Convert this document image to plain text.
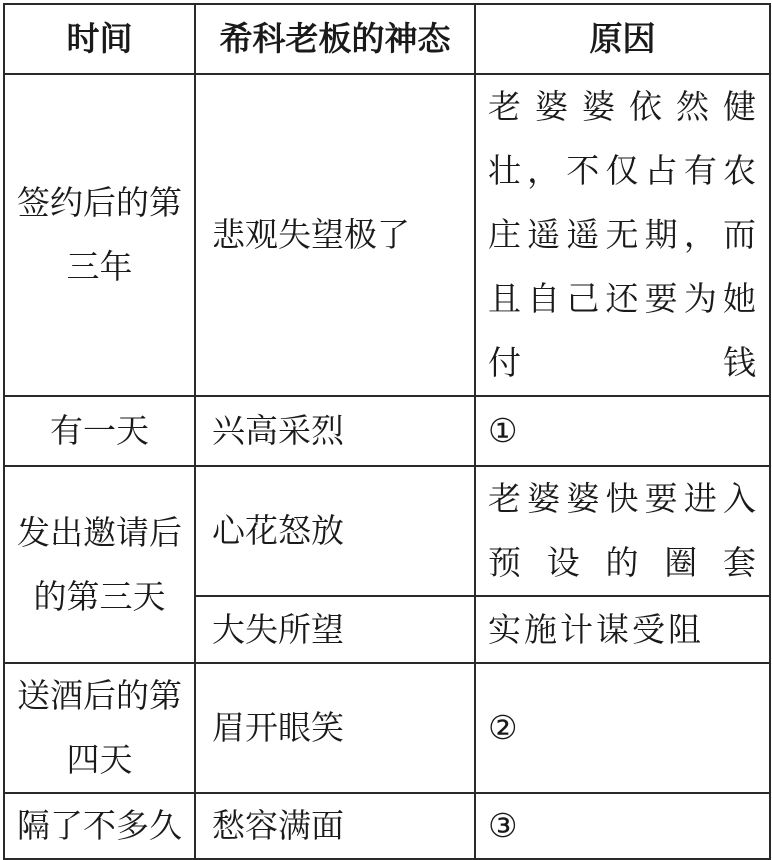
时间	希科老板的神态	原因
签约后的第三年	悲观失望极了	老婆婆依然健壮，不仅占有农庄遥遥无期，而且自己还要为她付钱
有一天	兴高采烈	①
发出邀请后的第三天	心花怒放	老婆婆快要进入预设的圈套
	大失所望	实施计谋受阻
送酒后的第四天	眉开眼笑	②
隔了不多久	愁容满面	③
